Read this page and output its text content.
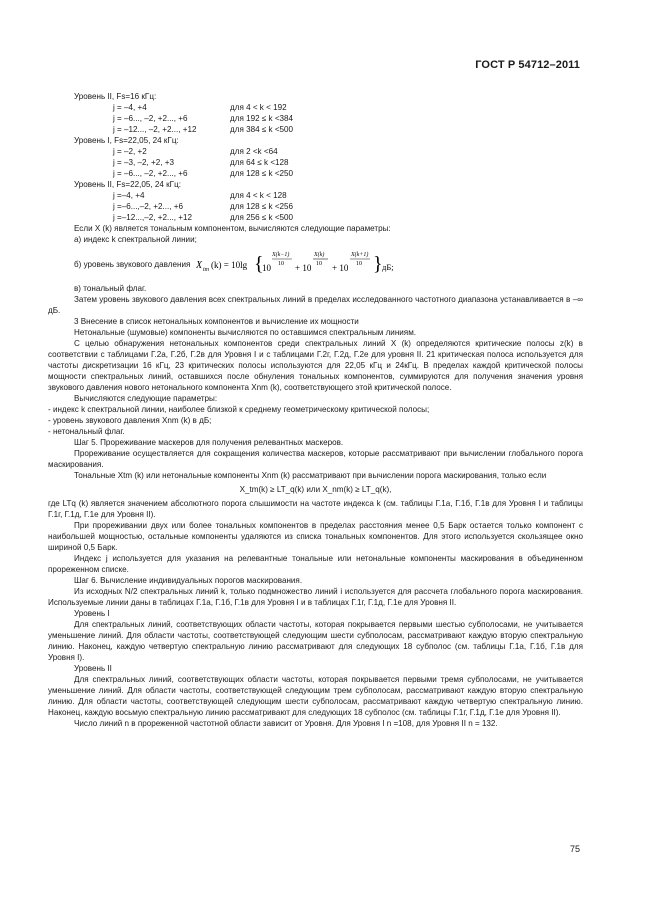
ГОСТ Р 54712–2011

Уровень II, Fs=16 кГц:

j = –4, +4	для 4 < k < 192
j = –6..., –2, +2..., +6	для 192 ≤ k <384
j = –12..., –2, +2..., +12	для 384 ≤ k <500

Уровень I, Fs=22,05, 24 кГц:

j = –2, +2	для 2 <k <64
j = –3, –2, +2, +3	для 64 ≤ k <128
j = –6..., –2, +2..., +6	для 128 ≤ k <250

Уровень II, Fs=22,05, 24 кГц:

j =–4, +4	для 4 < k < 128
j =–6...,–2, +2..., +6	для 128 ≤ k <256
j =–12...,–2, +2..., +12	для 256 ≤ k <500

Если X (k) является тональным компонентом, вычисляются следующие параметры:

а) индекс k спектральной линии;

б) уровень звукового давления X tm (k) = 10lg {
10
X(k−1)
10 + 10
X(k)
10 + 10
X(k+1)
10 } дБ;

в) тональный флаг.

Затем уровень звукового давления всех спектральных линий в пределах исследованного частотного диапазона устанавливается в –∞ дБ.

3 Внесение в список нетональных компонентов и вычисление их мощности

Нетональные (шумовые) компоненты вычисляются по оставшимся спектральным линиям.

С целью обнаружения нетональных компонентов среди спектральных линий X (k) определяются критические полосы z(k) в соответствии с таблицами Г.2а, Г.2б, Г.2в для Уровня I и с таблицами Г.2г, Г.2д, Г.2е для уровня II. 21 критическая полоса используется для частоты дискретизации 16 кГц, 23 критических полосы используются для 22,05 кГц и 24кГц. В пределах каждой критической полосы мощности спектральных линий, оставшихся после обнуления тональных компонентов, суммируются для получения значения уровня звукового давления нового нетонального компонента Xnm (k), соответствующего этой критической полосе.

Вычисляются следующие параметры:

- индекс k спектральной линии, наиболее близкой к среднему геометрическому критической полосы;

- уровень звукового давления Xnm (k) в дБ;

- нетональный флаг.

Шаг 5. Прореживание маскеров для получения релевантных маскеров.

Прореживание осуществляется для сокращения количества маскеров, которые рассматривают при вычислении глобального порога маскирования.

Тональные Xtm (k) или нетональные компоненты Xnm (k) рассматривают при вычислении порога маскирования, только если

X_tm(k) ≥ LT_q(k) или X_nm(k) ≥ LT_q(k),

где LTq (k) является значением абсолютного порога слышимости на частоте индекса k (см. таблицы Г.1а, Г.1б, Г.1в для Уровня I и таблицы Г.1г, Г.1д, Г.1е для Уровня II).

При прореживании двух или более тональных компонентов в пределах расстояния менее 0,5 Барк остается только компонент с наибольшей мощностью, остальные компоненты удаляются из списка тональных компонентов. Для этого используется скользящее окно шириной 0,5 Барк.

Индекс j используется для указания на релевантные тональные или нетональные компоненты маскирования в объединенном прореженном списке.

Шаг 6. Вычисление индивидуальных порогов маскирования.

Из исходных N/2 спектральных линий k, только подмножество линий i используется для рассчета глобального порога маскирования. Используемые линии даны в таблицах Г.1а, Г.1б, Г.1в для Уровня I и в таблицах Г.1г, Г.1д, Г.1е для Уровня II.

Уровень I

Для спектральных линий, соответствующих области частоты, которая покрывается первыми шестью субполосами, не учитывается уменьшение линий. Для области частоты, соответствующей следующим шести субполосам, рассматривают каждую вторую спектральную линию. Наконец, каждую четвертую спектральную линию рассматривают для следующих 18 субполос (см. таблицы Г.1а, Г.1б, Г.1в для Уровня I).

Уровень II

Для спектральных линий, соответствующих области частоты, которая покрывается первыми тремя субполосами, не учитывается уменьшение линий. Для области частоты, соответствующей следующим трем субполосам, рассматривают каждую вторую спектральную линию. Для области частоты, соответствующей следующим шести субполосам, рассматривают каждую четвертую спектральную линию. Наконец, каждую восьмую спектральную линию рассматривают для следующих 18 субполос (см. таблицы Г.1г, Г.1д, Г.1е для Уровня II).

Число линий n в прореженной частотной области зависит от Уровня. Для Уровня I n =108, для Уровня II n = 132.

75
